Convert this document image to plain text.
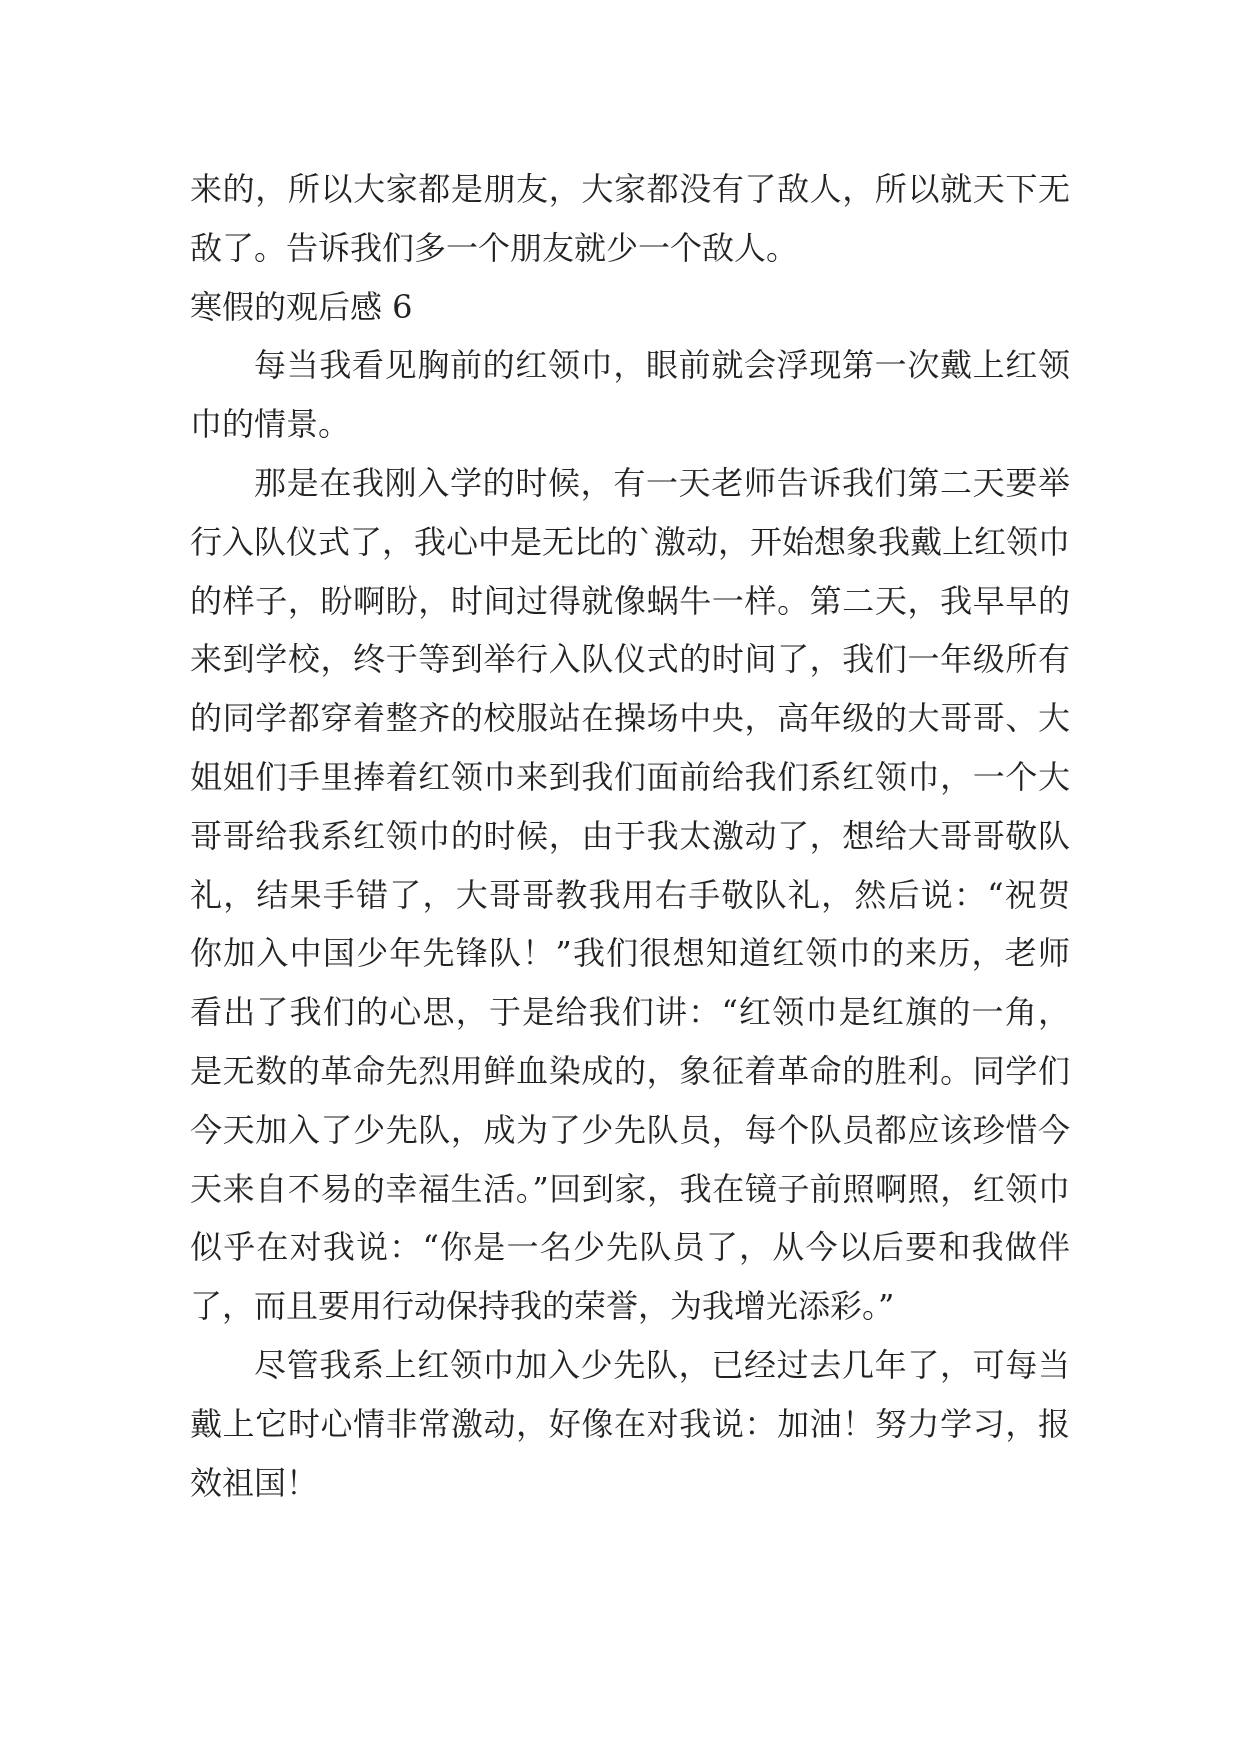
来的，所以大家都是朋友，大家都没有了敌人，所以就天下无敌了。告诉我们多一个朋友就少一个敌人。

寒假的观后感 6

每当我看见胸前的红领巾，眼前就会浮现第一次戴上红领巾的情景。

那是在我刚入学的时候，有一天老师告诉我们第二天要举行入队仪式了，我心中是无比的`激动，开始想象我戴上红领巾的样子，盼啊盼，时间过得就像蜗牛一样。第二天，我早早的来到学校，终于等到举行入队仪式的时间了，我们一年级所有的同学都穿着整齐的校服站在操场中央，高年级的大哥哥、大姐姐们手里捧着红领巾来到我们面前给我们系红领巾，一个大哥哥给我系红领巾的时候，由于我太激动了，想给大哥哥敬队礼，结果手错了，大哥哥教我用右手敬队礼，然后说：“祝贺你加入中国少年先锋队！”我们很想知道红领巾的来历，老师看出了我们的心思，于是给我们讲：“红领巾是红旗的一角，是无数的革命先烈用鲜血染成的，象征着革命的胜利。同学们今天加入了少先队，成为了少先队员，每个队员都应该珍惜今天来自不易的幸福生活。”回到家，我在镜子前照啊照，红领巾似乎在对我说：“你是一名少先队员了，从今以后要和我做伴了，而且要用行动保持我的荣誉，为我增光添彩。”

尽管我系上红领巾加入少先队，已经过去几年了，可每当戴上它时心情非常激动，好像在对我说：加油！努力学习，报效祖国！
